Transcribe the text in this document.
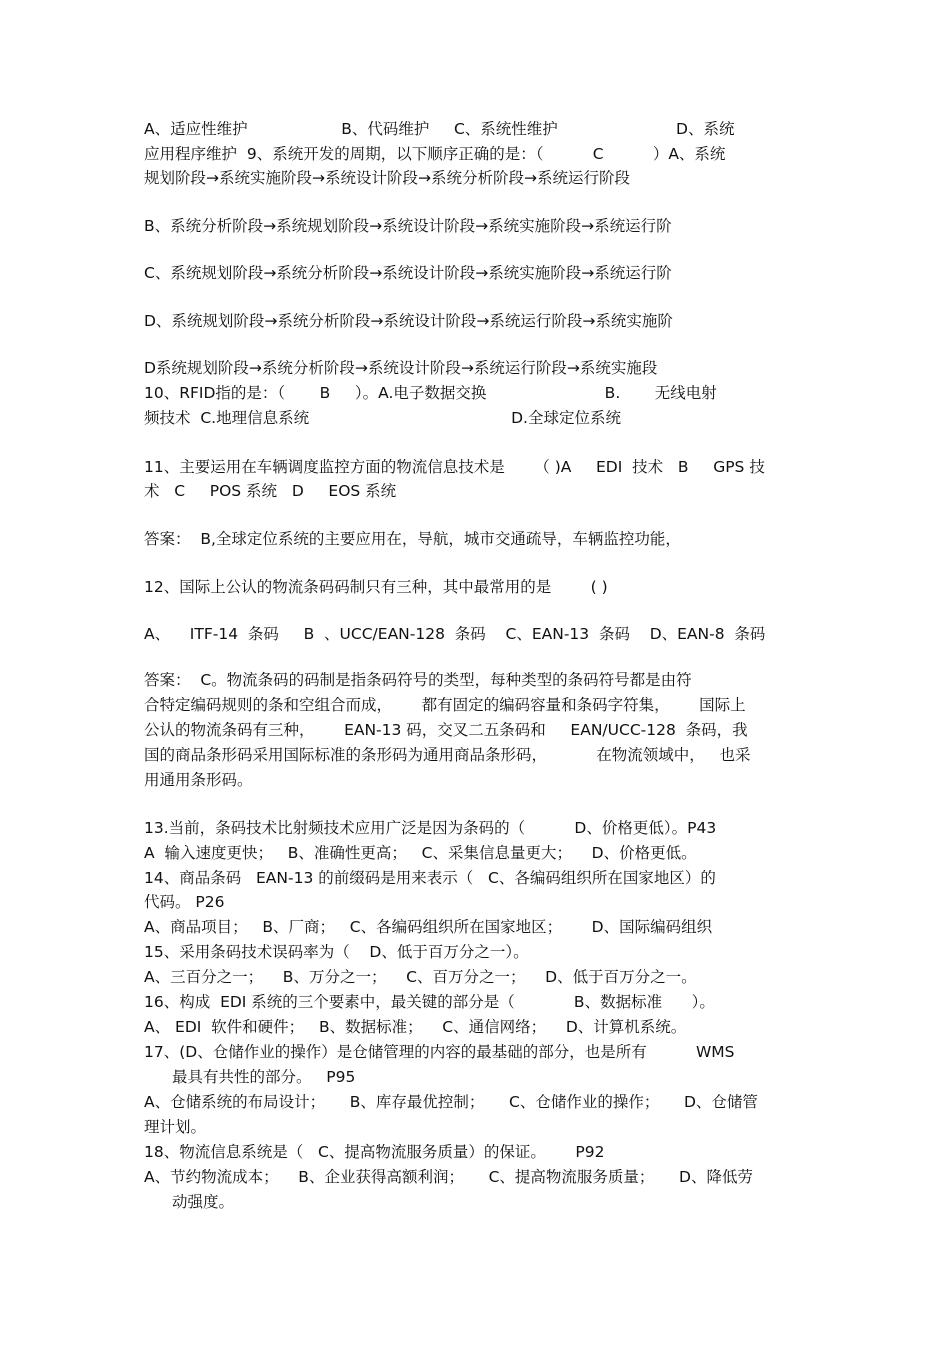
A、适应性维护                   B、代码维护     C、系统性维护                        D、系统
应用程序维护  9、系统开发的周期，以下顺序正确的是：（          C          ）A、系统
规划阶段→系统实施阶段→系统设计阶段→系统分析阶段→系统运行阶段
B、系统分析阶段→系统规划阶段→系统设计阶段→系统实施阶段→系统运行阶
C、系统规划阶段→系统分析阶段→系统设计阶段→系统实施阶段→系统运行阶
D、系统规划阶段→系统分析阶段→系统设计阶段→系统运行阶段→系统实施阶
D系统规划阶段→系统分析阶段→系统设计阶段→系统运行阶段→系统实施段
10、RFID指的是：（       B     ）。A.电子数据交换                        B.       无线电射
频技术  C.地理信息系统                                         D.全球定位系统
11、主要运用在车辆调度监控方面的物流信息技术是      （ )A     EDI  技术   B     GPS 技
术   C     POS 系统   D     EOS 系统
答案：  B,全球定位系统的主要应用在，导航，城市交通疏导，车辆监控功能，
12、国际上公认的物流条码码制只有三种，其中最常用的是        ( )
A、    ITF-14  条码     B  、UCC/EAN-128  条码    C、EAN-13  条码    D、EAN-8  条码
答案：  C。物流条码的码制是指条码符号的类型，每种类型的条码符号都是由符
合特定编码规则的条和空组合而成，      都有固定的编码容量和条码字符集，      国际上
公认的物流条码有三种，      EAN-13 码，交叉二五条码和     EAN/UCC-128  条码，我
国的商品条形码采用国际标准的条形码为通用商品条形码，          在物流领域中，   也采
用通用条形码。
13.当前，条码技术比射频技术应用广泛是因为条码的（          D、价格更低）。P43
A  输入速度更快；   B、准确性更高；   C、采集信息量更大；    D、价格更低。
14、商品条码   EAN-13 的前缀码是用来表示（   C、各编码组织所在国家地区）的
代码。 P26
A、商品项目；   B、厂商；   C、各编码组织所在国家地区；      D、国际编码组织
15、采用条码技术误码率为（    D、低于百万分之一）。
A、三百分之一；    B、万分之一；    C、百万分之一；    D、低于百万分之一。
16、构成  EDI 系统的三个要素中，最关键的部分是（            B、数据标准      ）。
A、 EDI  软件和硬件；   B、数据标准；    C、通信网络；    D、计算机系统。
17、(D、仓储作业的操作）是仓储管理的内容的最基础的部分，也是所有          WMS
最具有共性的部分。   P95
A、仓储系统的布局设计；     B、库存最优控制；     C、仓储作业的操作；     D、仓储管
理计划。
18、物流信息系统是（   C、提高物流服务质量）的保证。      P92
A、节约物流成本；    B、企业获得高额利润；     C、提高物流服务质量；     D、降低劳
动强度。
